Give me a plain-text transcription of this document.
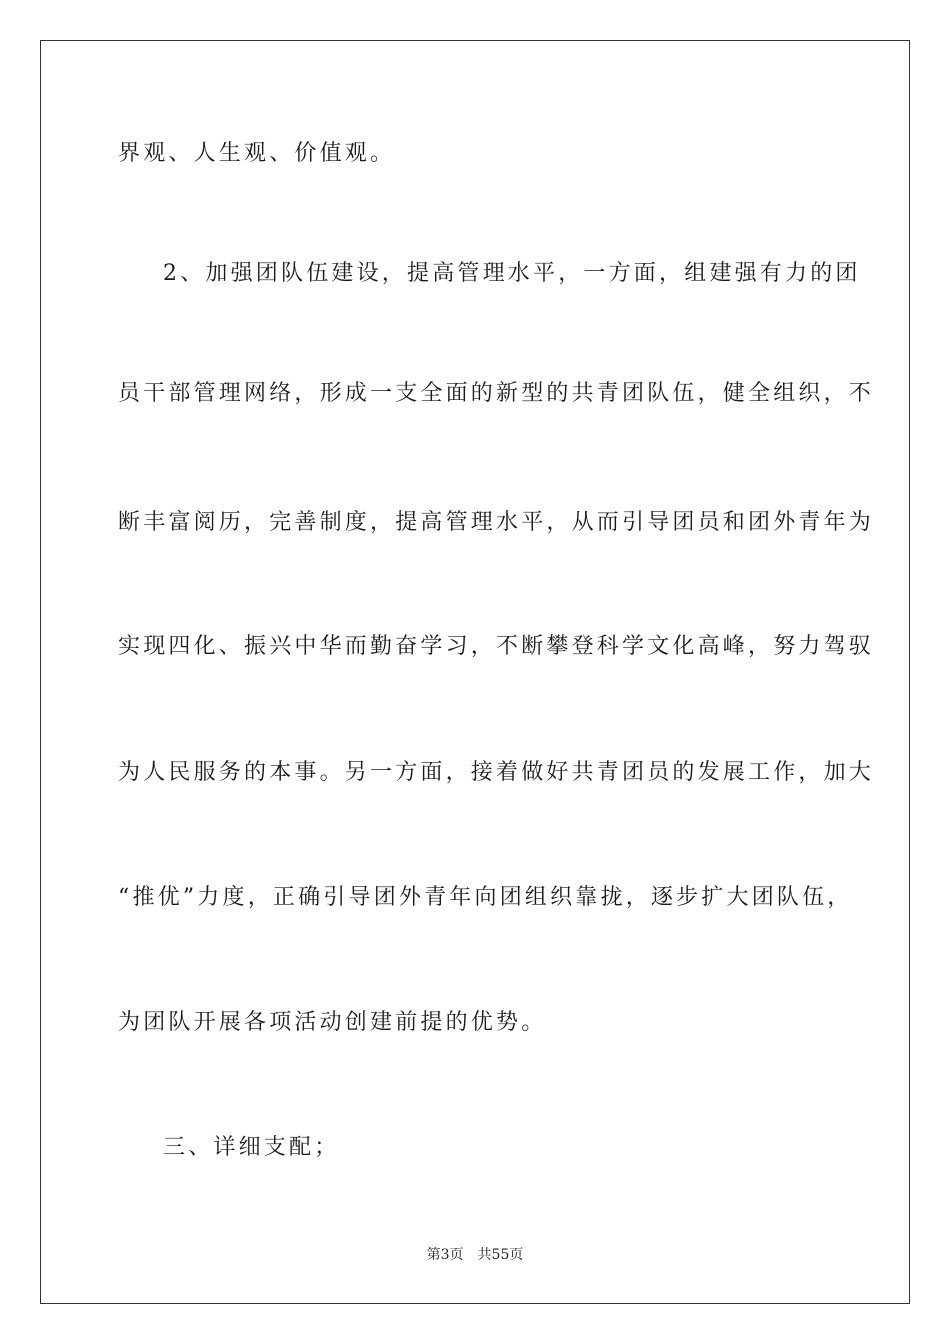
界观、人生观、价值观。
2、加强团队伍建设，提高管理水平，一方面，组建强有力的团
员干部管理网络，形成一支全面的新型的共青团队伍，健全组织，不
断丰富阅历，完善制度，提高管理水平，从而引导团员和团外青年为
实现四化、振兴中华而勤奋学习，不断攀登科学文化高峰，努力驾驭
为人民服务的本事。另一方面，接着做好共青团员的发展工作，加大
“推优”力度，正确引导团外青年向团组织靠拢，逐步扩大团队伍，
为团队开展各项活动创建前提的优势。
三、详细支配；
第3页 共55页
